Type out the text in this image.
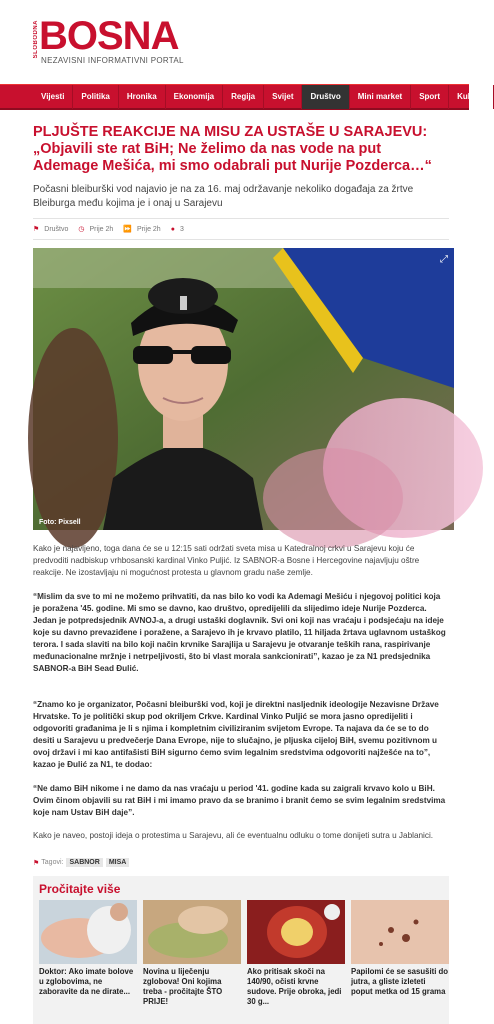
SLOBODNA BOSNA
NEZAVISNI INFORMATIVNI PORTAL
Vijesti	Politika	Hronika	Ekonomija	Regija	Svijet	Društvo	Mini market	Sport	Kultura
PLJUŠTE REAKCIJE NA MISU ZA USTAŠE U SARAJEVU: „Objavili ste rat BiH; Ne želimo da nas vode na put Ademage Mešića, mi smo odabrali put Nurije Pozderca…“

Počasni bleiburški vod najavio je na za 16. maj održavanje nekoliko događaja za žrtve Bleiburga među kojima je i onaj u Sarajevu

⚑ Društvo ◷ Prije 2h ⏩ Prije 2h ● 3
⤢
Foto: Pixsell

Kako je najavljeno, toga dana će se u 12:15 sati održati sveta misa u Katedralnoj crkvi u Sarajevu koju će predvoditi nadbiskup vrhbosanski kardinal Vinko Puljić. Iz SABNOR-a Bosne i Hercegovine najavljuju oštre reakcije. Ne izostavljaju ni mogućnost protesta u glavnom gradu naše zemlje.

“Mislim da sve to mi ne možemo prihvatiti, da nas bilo ko vodi ka Ademagi Mešiću i njegovoj politici koja je poražena '45. godine. Mi smo se davno, kao društvo, opredijelili da slijedimo ideje Nurije Pozderca. Jedan je potpredsjednik AVNOJ-a, a drugi ustaški doglavnik. Svi oni koji nas vraćaju i podsjećaju na ideje koje su davno prevaziđene i poražene, a Sarajevo ih je krvavo platilo, 11 hiljada žrtava uglavnom ustaškog terora. I sada slaviti na bilo koji način krvnike Sarajlija u Sarajevu je otvaranje teških rana, raspirivanje međunacionalne mržnje i netrpeljivosti, što bi vlast morala sankcionirati”, kazao je za N1 predsjednika SABNOR-a BiH Sead Đulić.

“Znamo ko je organizator, Počasni bleiburški vod, koji je direktni nasljednik ideologije Nezavisne Države Hrvatske. To je politički skup pod okriljem Crkve. Kardinal Vinko Puljić se mora jasno opredijeliti i odgovoriti građanima je li s njima i kompletnim civiliziranim svijetom Evrope. Ta najava da će se to do desiti u Sarajevu u predvečerje Dana Evrope, nije to slučajno, je pljuska cijeloj BiH, svemu pozitivnom u ovoj državi i mi kao antifašisti BiH sigurno ćemo svim legalnim sredstvima odgovoriti najžešće na to”, kazao je Đulić za N1, te dodao:

“Ne damo BiH nikome i ne damo da nas vraćaju u period '41. godine kada su zaigrali krvavo kolo u BiH. Ovim činom objavili su rat BiH i mi imamo pravo da se branimo i branit ćemo se svim legalnim sredstvima koje nam Ustav BiH daje”.

Kako je naveo, postoji ideja o protestima u Sarajevu, ali će eventualnu odluku o tome donijeti sutra u Jablanici.

⚑ Tagovi: SABNOR	MISA
Pročitajte više
Doktor: Ako imate bolove u zglobovima, ne zaboravite da ne dirate...
Novina u liječenju zglobova! Oni kojima treba - pročitajte ŠTO PRIJE!
Ako pritisak skoči na 140/90, očisti krvne sudove. Prije obroka, jedi 30 g...
Papilomi će se sasušiti do jutra, a gliste izleteti poput metka od 15 grama
